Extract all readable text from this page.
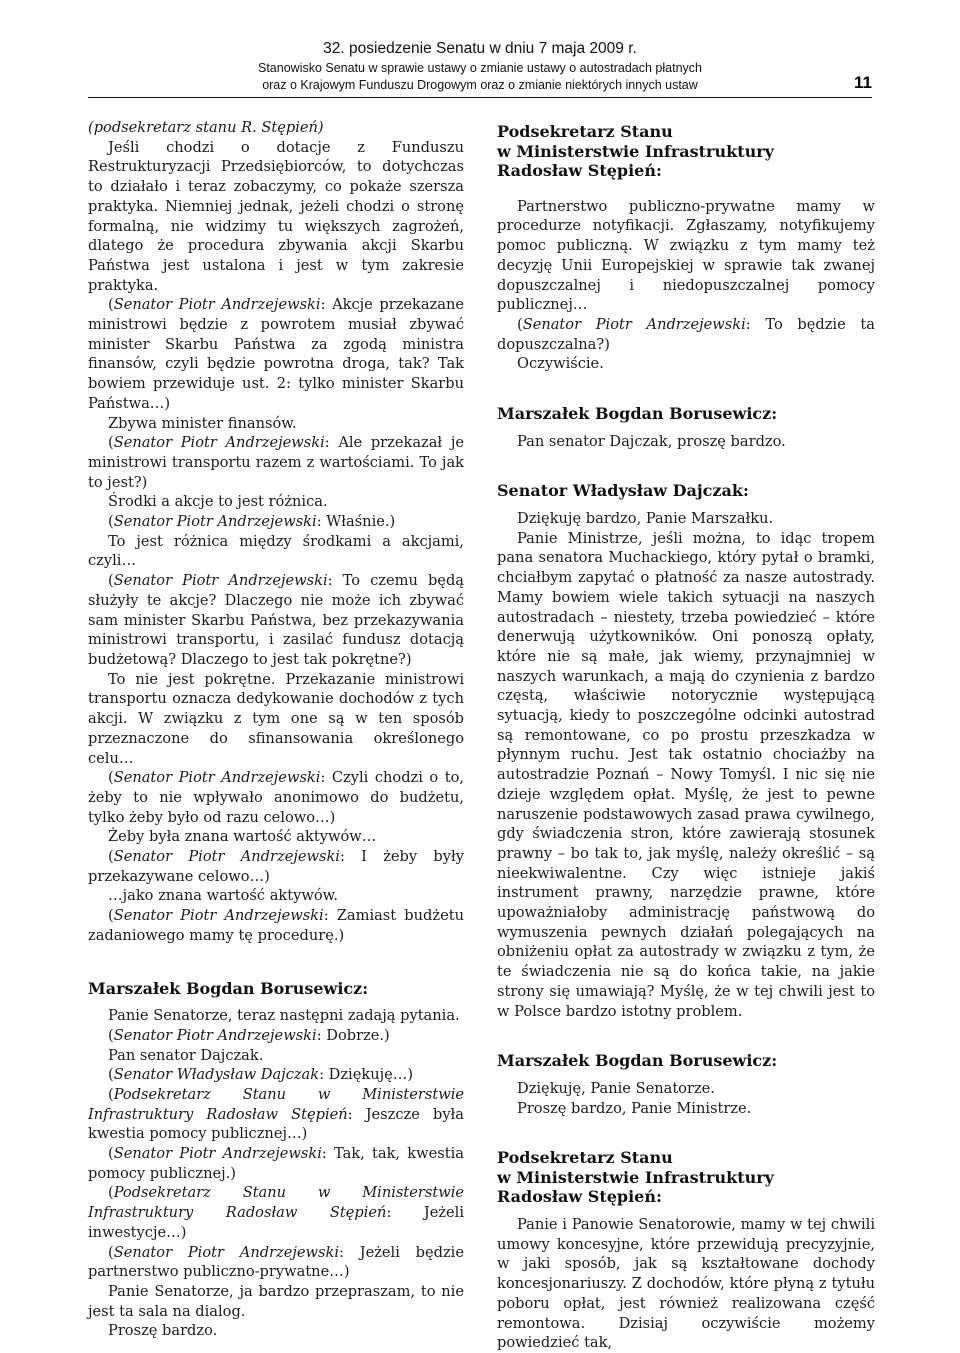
32. posiedzenie Senatu w dniu 7 maja 2009 r.
Stanowisko Senatu w sprawie ustawy o zmianie ustawy o autostradach płatnych
oraz o Krajowym Funduszu Drogowym oraz o zmianie niektórych innych ustaw	11

(podsekretarz stanu R. Stępień)

Jeśli chodzi o dotacje z Funduszu Restrukturyzacji Przedsiębiorców, to dotychczas to działało i teraz zobaczymy, co pokaże szersza praktyka. Niemniej jednak, jeżeli chodzi o stronę formalną, nie widzimy tu większych zagrożeń, dlatego że procedura zbywania akcji Skarbu Państwa jest ustalona i jest w tym zakresie praktyka.

(Senator Piotr Andrzejewski: Akcje przekazane ministrowi będzie z powrotem musiał zbywać minister Skarbu Państwa za zgodą ministra finansów, czyli będzie powrotna droga, tak? Tak bowiem przewiduje ust. 2: tylko minister Skarbu Państwa…)

Zbywa minister finansów.

(Senator Piotr Andrzejewski: Ale przekazał je ministrowi transportu razem z wartościami. To jak to jest?)

Środki a akcje to jest różnica.

(Senator Piotr Andrzejewski: Właśnie.)

To jest różnica między środkami a akcjami, czyli…

(Senator Piotr Andrzejewski: To czemu będą służyły te akcje? Dlaczego nie może ich zbywać sam minister Skarbu Państwa, bez przekazywania ministrowi transportu, i zasilać fundusz dotacją budżetową? Dlaczego to jest tak pokrętne?)

To nie jest pokrętne. Przekazanie ministrowi transportu oznacza dedykowanie dochodów z tych akcji. W związku z tym one są w ten sposób przeznaczone do sfinansowania określonego celu…

(Senator Piotr Andrzejewski: Czyli chodzi o to, żeby to nie wpływało anonimowo do budżetu, tylko żeby było od razu celowo…)

Żeby była znana wartość aktywów…

(Senator Piotr Andrzejewski: I żeby były przekazywane celowo…)

…jako znana wartość aktywów.

(Senator Piotr Andrzejewski: Zamiast budżetu zadaniowego mamy tę procedurę.)

Marszałek Bogdan Borusewicz:

Panie Senatorze, teraz następni zadają pytania.

(Senator Piotr Andrzejewski: Dobrze.)

Pan senator Dajczak.

(Senator Władysław Dajczak: Dziękuję…)

(Podsekretarz Stanu w Ministerstwie Infrastruktury Radosław Stępień: Jeszcze była kwestia pomocy publicznej…)

(Senator Piotr Andrzejewski: Tak, tak, kwestia pomocy publicznej.)

(Podsekretarz Stanu w Ministerstwie Infrastruktury Radosław Stępień: Jeżeli inwestycje…)

(Senator Piotr Andrzejewski: Jeżeli będzie partnerstwo publiczno-prywatne…)

Panie Senatorze, ja bardzo przepraszam, to nie jest ta sala na dialog.

Proszę bardzo.

Podsekretarz Stanu
w Ministerstwie Infrastruktury
Radosław Stępień:

Partnerstwo publiczno-prywatne mamy w procedurze notyfikacji. Zgłaszamy, notyfikujemy pomoc publiczną. W związku z tym mamy też decyzję Unii Europejskiej w sprawie tak zwanej dopuszczalnej i niedopuszczalnej pomocy publicznej…

(Senator Piotr Andrzejewski: To będzie ta dopuszczalna?)

Oczywiście.

Marszałek Bogdan Borusewicz:

Pan senator Dajczak, proszę bardzo.

Senator Władysław Dajczak:

Dziękuję bardzo, Panie Marszałku.

Panie Ministrze, jeśli można, to idąc tropem pana senatora Muchackiego, który pytał o bramki, chciałbym zapytać o płatność za nasze autostrady. Mamy bowiem wiele takich sytuacji na naszych autostradach – niestety, trzeba powiedzieć – które denerwują użytkowników. Oni ponoszą opłaty, które nie są małe, jak wiemy, przynajmniej w naszych warunkach, a mają do czynienia z bardzo częstą, właściwie notorycznie występującą sytuacją, kiedy to poszczególne odcinki autostrad są remontowane, co po prostu przeszkadza w płynnym ruchu. Jest tak ostatnio chociażby na autostradzie Poznań – Nowy Tomyśl. I nic się nie dzieje względem opłat. Myślę, że jest to pewne naruszenie podstawowych zasad prawa cywilnego, gdy świadczenia stron, które zawierają stosunek prawny – bo tak to, jak myślę, należy określić – są nieekwiwalentne. Czy więc istnieje jakiś instrument prawny, narzędzie prawne, które upoważniałoby administrację państwową do wymuszenia pewnych działań polegających na obniżeniu opłat za autostrady w związku z tym, że te świadczenia nie są do końca takie, na jakie strony się umawiają? Myślę, że w tej chwili jest to w Polsce bardzo istotny problem.

Marszałek Bogdan Borusewicz:

Dziękuję, Panie Senatorze.

Proszę bardzo, Panie Ministrze.

Podsekretarz Stanu
w Ministerstwie Infrastruktury
Radosław Stępień:

Panie i Panowie Senatorowie, mamy w tej chwili umowy koncesyjne, które przewidują precyzyjnie, w jaki sposób, jak są kształtowane dochody koncesjonariuszy. Z dochodów, które płyną z tytułu poboru opłat, jest również realizowana część remontowa. Dzisiaj oczywiście możemy powiedzieć tak,
